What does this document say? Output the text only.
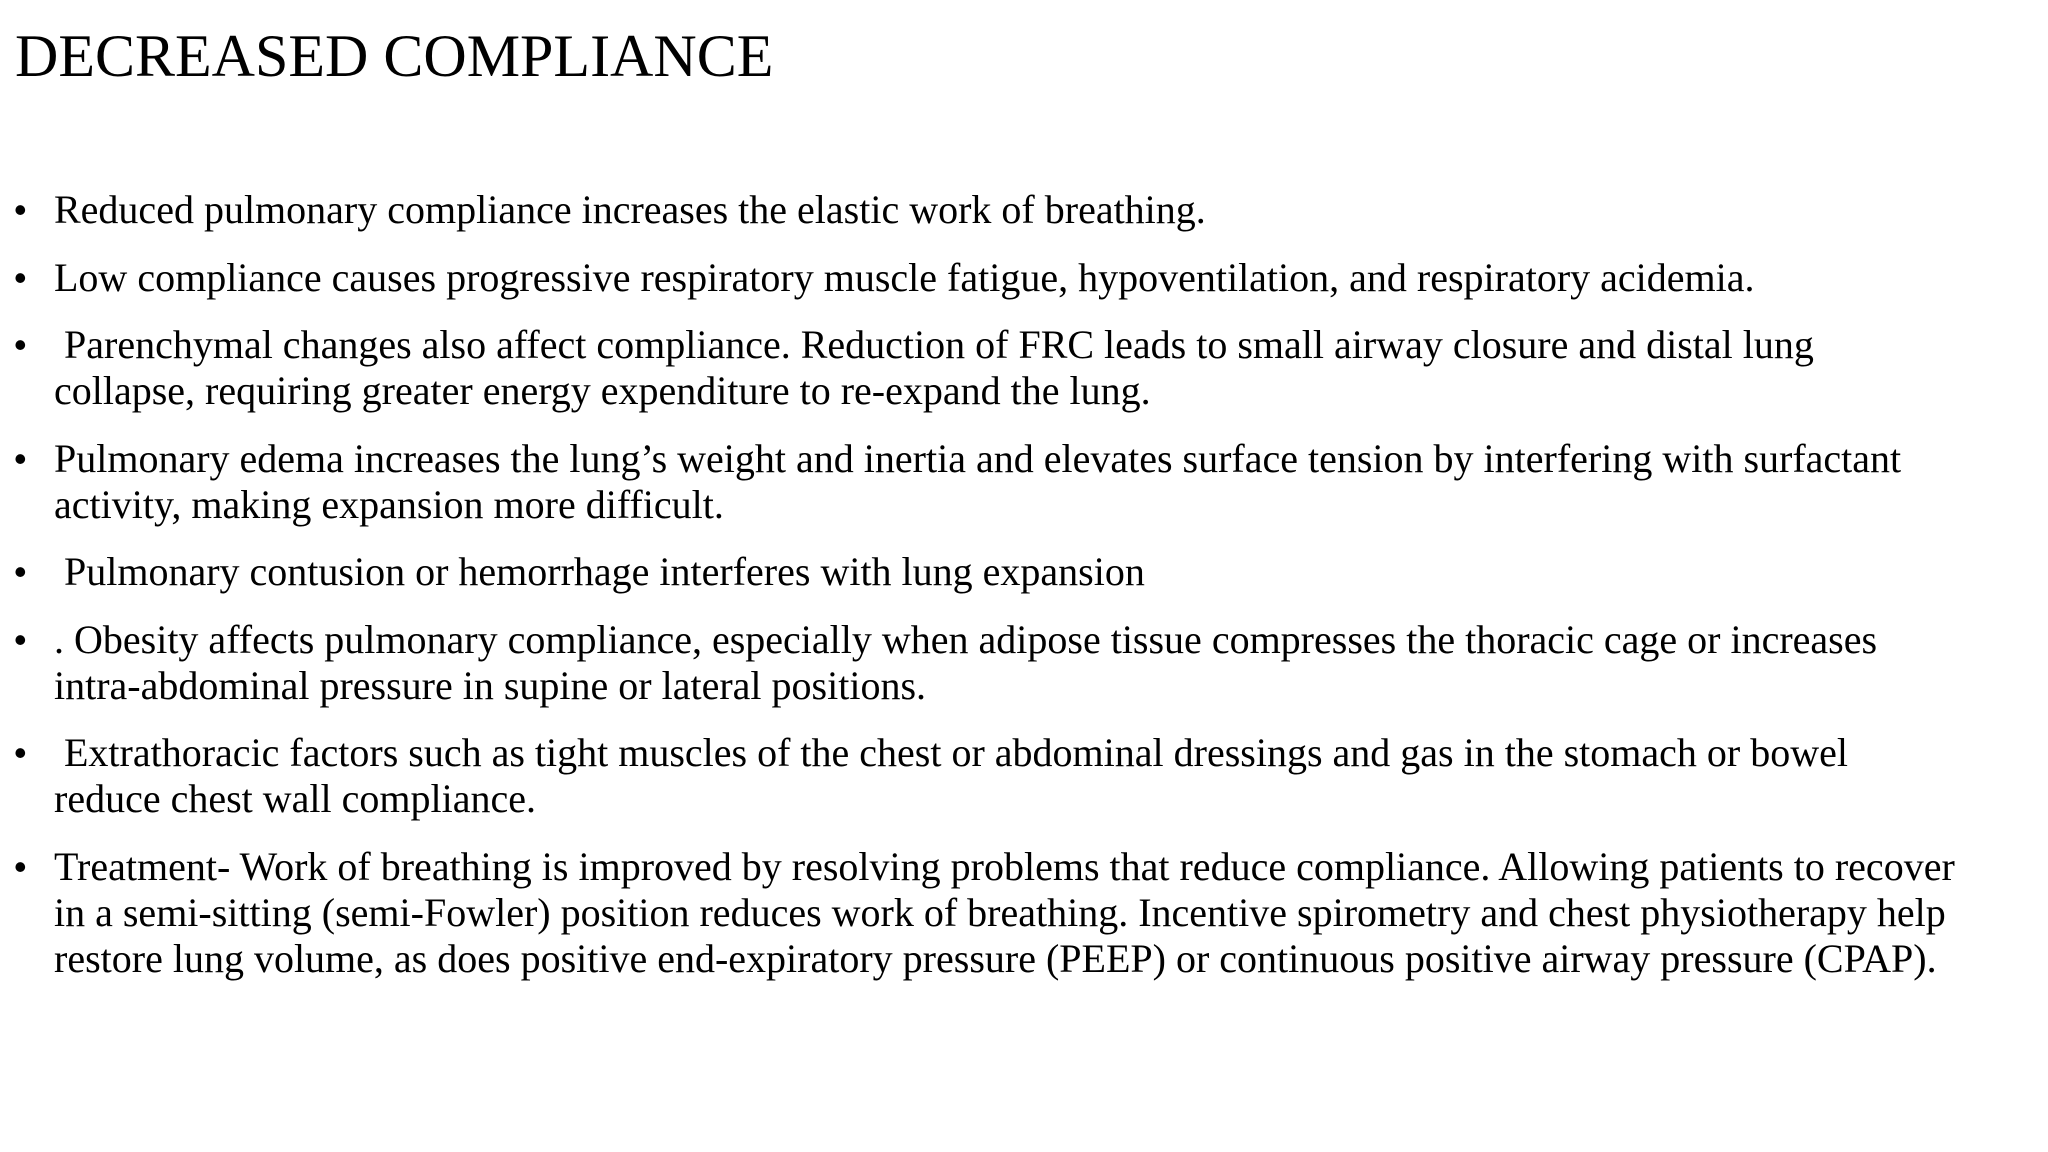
DECREASED COMPLIANCE
• Reduced pulmonary compliance increases the elastic work of breathing.
• Low compliance causes progressive respiratory muscle fatigue, hypoventilation, and respiratory acidemia.
• Parenchymal changes also affect compliance. Reduction of FRC leads to small airway closure and distal lung collapse, requiring greater energy expenditure to re-expand the lung.
• Pulmonary edema increases the lung’s weight and inertia and elevates surface tension by interfering with surfactant activity, making expansion more difficult.
• Pulmonary contusion or hemorrhage interferes with lung expansion
• . Obesity affects pulmonary compliance, especially when adipose tissue compresses the thoracic cage or increases intra-abdominal pressure in supine or lateral positions.
• Extrathoracic factors such as tight muscles of the chest or abdominal dressings and gas in the stomach or bowel reduce chest wall compliance.
• Treatment- Work of breathing is improved by resolving problems that reduce compliance. Allowing patients to recover in a semi-sitting (semi-Fowler) position reduces work of breathing. Incentive spirometry and chest physiotherapy help restore lung volume, as does positive end-expiratory pressure (PEEP) or continuous positive airway pressure (CPAP).
